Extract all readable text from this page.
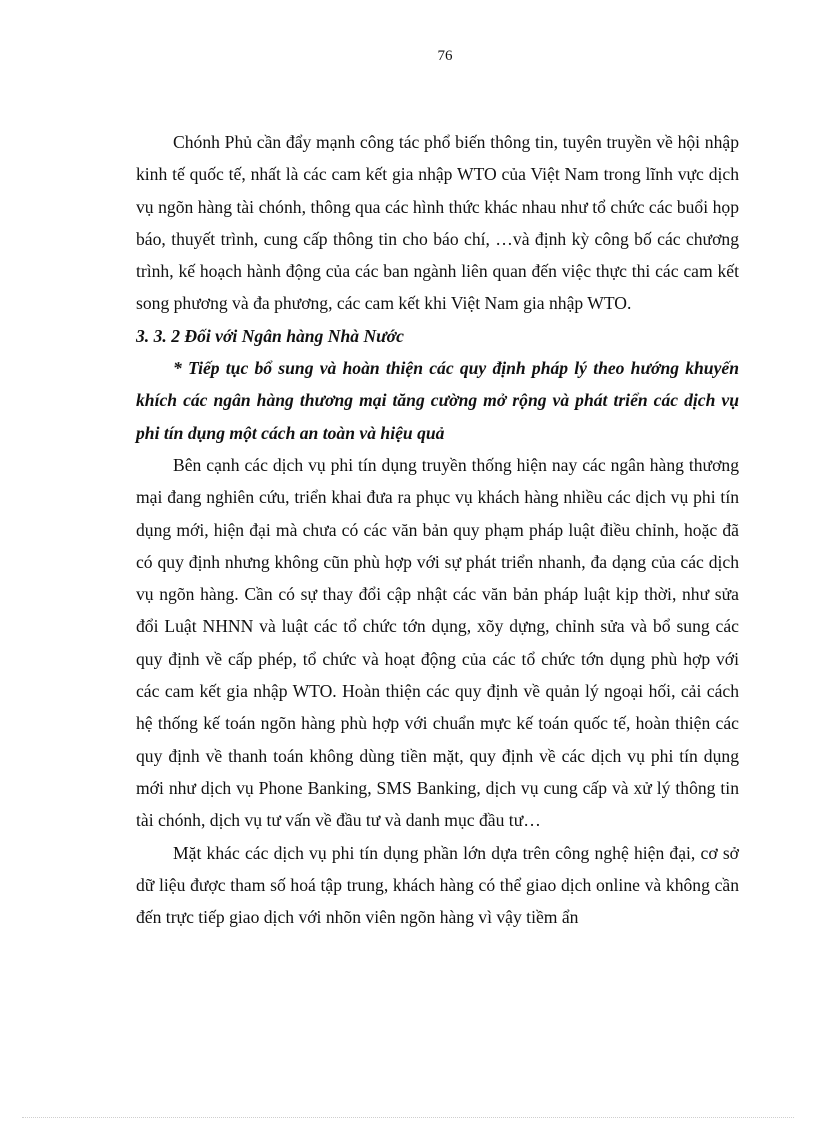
76

Chónh Phủ cần đẩy mạnh công tác phổ biến thông tin, tuyên truyền về hội nhập kinh tế quốc tế, nhất là các cam kết gia nhập WTO của Việt Nam trong lĩnh vực dịch vụ ngõn hàng tài chónh, thông qua các hình thức khác nhau như tổ chức các buổi họp báo, thuyết trình, cung cấp thông tin cho báo chí, …và định kỳ công bố các chương trình, kế hoạch hành động của các ban ngành liên quan đến việc thực thi các cam kết song phương và đa phương, các cam kết khi Việt Nam gia nhập WTO.

3. 3. 2 Đối với Ngân hàng Nhà Nước

* Tiếp tục bổ sung và hoàn thiện các quy định pháp lý theo hướng khuyến khích các ngân hàng thương mại tăng cường mở rộng và phát triển các dịch vụ phi tín dụng một cách an toàn và hiệu quả

Bên cạnh các dịch vụ phi tín dụng truyền thống hiện nay các ngân hàng thương mại đang nghiên cứu, triển khai đưa ra phục vụ khách hàng nhiều các dịch vụ phi tín dụng mới, hiện đại mà chưa có các văn bản quy phạm pháp luật điều chỉnh, hoặc đã có quy định nhưng không cũn phù hợp với sự phát triển nhanh, đa dạng của các dịch vụ ngõn hàng. Cần có sự thay đổi cập nhật các văn bản pháp luật kịp thời, như sửa đổi Luật NHNN và luật các tổ chức tớn dụng, xõy dựng, chỉnh sửa và bổ sung các quy định về cấp phép, tổ chức và hoạt động của các tổ chức tớn dụng phù hợp với các cam kết gia nhập WTO. Hoàn thiện các quy định về quản lý ngoại hối, cải cách hệ thống kế toán ngõn hàng phù hợp với chuẩn mực kế toán quốc tế, hoàn thiện các quy định về thanh toán không dùng tiền mặt, quy định về các dịch vụ phi tín dụng mới như dịch vụ Phone Banking, SMS Banking, dịch vụ cung cấp và xử lý thông tin tài chónh, dịch vụ tư vấn về đầu tư và danh mục đầu tư…

Mặt khác các dịch vụ phi tín dụng phần lớn dựa trên công nghệ hiện đại, cơ sở dữ liệu được tham số hoá tập trung, khách hàng có thể giao dịch online và không cần đến trực tiếp giao dịch với nhõn viên ngõn hàng vì vậy tiềm ẩn
